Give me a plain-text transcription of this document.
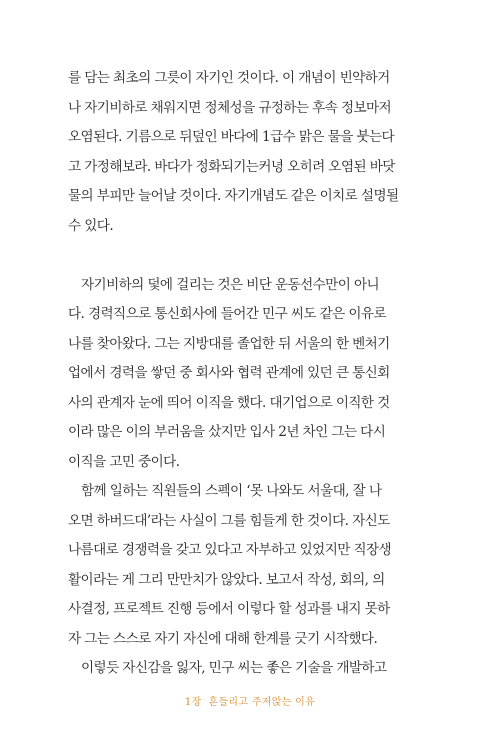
를 담는 최초의 그릇이 자기인 것이다. 이 개념이 빈약하거
나 자기비하로 채워지면 정체성을 규정하는 후속 정보마저
오염된다. 기름으로 뒤덮인 바다에 1급수 맑은 물을 붓는다
고 가정해보라. 바다가 정화되기는커녕 오히려 오염된 바닷
물의 부피만 늘어날 것이다. 자기개념도 같은 이치로 설명될
수 있다.
자기비하의 덫에 걸리는 것은 비단 운동선수만이 아니
다. 경력직으로 통신회사에 들어간 민구 씨도 같은 이유로
나를 찾아왔다. 그는 지방대를 졸업한 뒤 서울의 한 벤처기
업에서 경력을 쌓던 중 회사와 협력 관계에 있던 큰 통신회
사의 관계자 눈에 띄어 이직을 했다. 대기업으로 이직한 것
이라 많은 이의 부러움을 샀지만 입사 2년 차인 그는 다시
이직을 고민 중이다.
함께 일하는 직원들의 스펙이 ‘못 나와도 서울대, 잘 나
오면 하버드대’라는 사실이 그를 힘들게 한 것이다. 자신도
나름대로 경쟁력을 갖고 있다고 자부하고 있었지만 직장생
활이라는 게 그리 만만치가 않았다. 보고서 작성, 회의, 의
사결정, 프로젝트 진행 등에서 이렇다 할 성과를 내지 못하
자 그는 스스로 자기 자신에 대해 한계를 긋기 시작했다.
이렇듯 자신감을 잃자, 민구 씨는 좋은 기술을 개발하고
1장 흔들리고 주저앉는 이유
